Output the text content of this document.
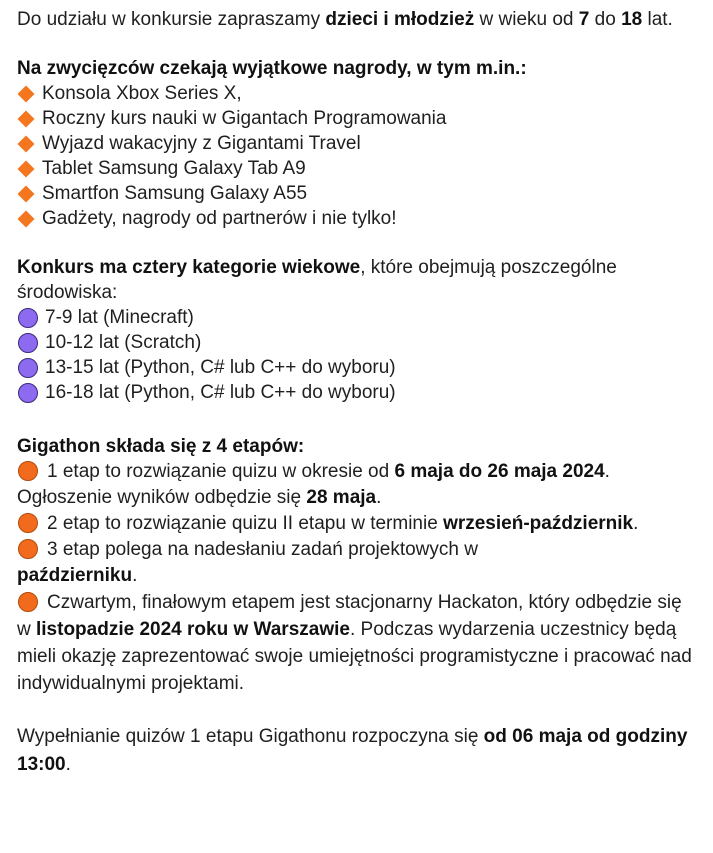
Do udziału w konkursie zapraszamy dzieci i młodzież w wieku od 7 do 18 lat.

Na zwycięzców czekają wyjątkowe nagrody, w tym m.in.:

Konsola Xbox Series X,
Roczny kurs nauki w Gigantach Programowania
Wyjazd wakacyjny z Gigantami Travel
Tablet Samsung Galaxy Tab A9
Smartfon Samsung Galaxy A55
Gadżety, nagrody od partnerów i nie tylko!

Konkurs ma cztery kategorie wiekowe, które obejmują poszczególne środowiska:

7-9 lat (Minecraft)
10-12 lat (Scratch)
13-15 lat (Python, C# lub C++ do wyboru)
16-18 lat (Python, C# lub C++ do wyboru)

Gigathon składa się z 4 etapów:

1 etap to rozwiązanie quizu w okresie od 6 maja do 26 maja 2024. Ogłoszenie wyników odbędzie się 28 maja.

2 etap to rozwiązanie quizu II etapu w terminie wrzesień-październik.

3 etap polega na nadesłaniu zadań projektowych w październiku.

Czwartym, finałowym etapem jest stacjonarny Hackaton, który odbędzie się w listopadzie 2024 roku w Warszawie. Podczas wydarzenia uczestnicy będą mieli okazję zaprezentować swoje umiejętności programistyczne i pracować nad indywidualnymi projektami.

Wypełnianie quizów 1 etapu Gigathonu rozpoczyna się od 06 maja od godziny 13:00.
